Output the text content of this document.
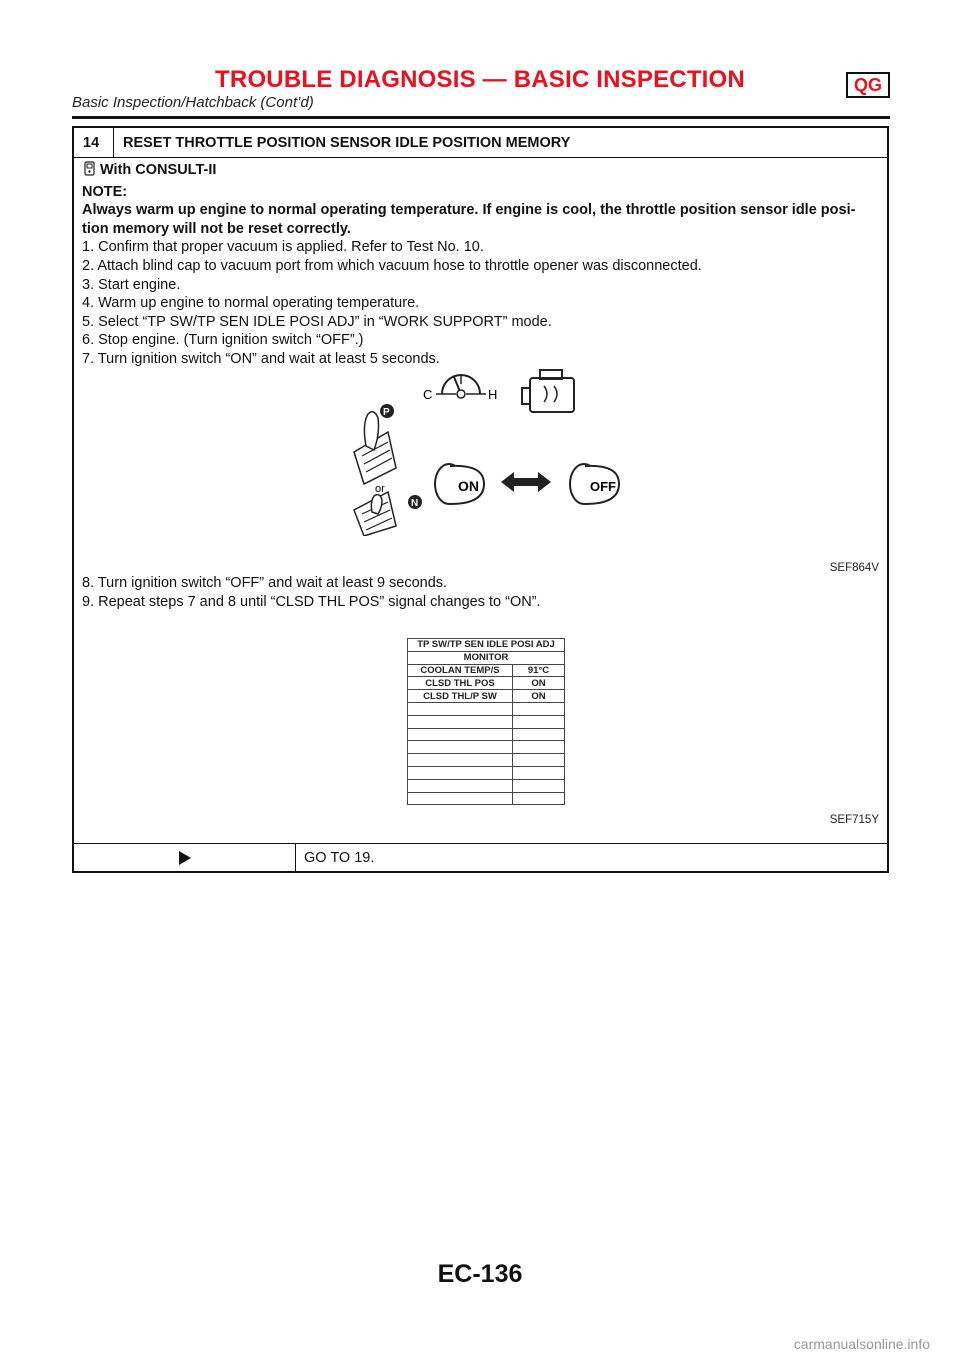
TROUBLE DIAGNOSIS — BASIC INSPECTION	QG
Basic Inspection/Hatchback (Cont’d)
14	RESET THROTTLE POSITION SENSOR IDLE POSITION MEMORY

With CONSULT-II

NOTE:

Always warm up engine to normal operating temperature. If engine is cool, the throttle position sensor idle posi-

tion memory will not be reset correctly.

1. Confirm that proper vacuum is applied. Refer to Test No. 10.

2. Attach blind cap to vacuum port from which vacuum hose to throttle opener was disconnected.

3. Start engine.

4. Warm up engine to normal operating temperature.

5. Select “TP SW/TP SEN IDLE POSI ADJ” in “WORK SUPPORT” mode.

6. Stop engine. (Turn ignition switch “OFF”.)

7. Turn ignition switch “ON” and wait at least 5 seconds.

C	H
P
or
N
ON	OFF
SEF864V

8. Turn ignition switch “OFF” and wait at least 9 seconds.

9. Repeat steps 7 and 8 until “CLSD THL POS” signal changes to “ON”.

TP SW/TP SEN IDLE POSI ADJ	
MONITOR	
COOLAN TEMP/S	91°C
CLSD THL POS	ON
CLSD THL/P SW	ON

SEF715Y
GO TO 19.
EC-136
carmanualsonline.info
